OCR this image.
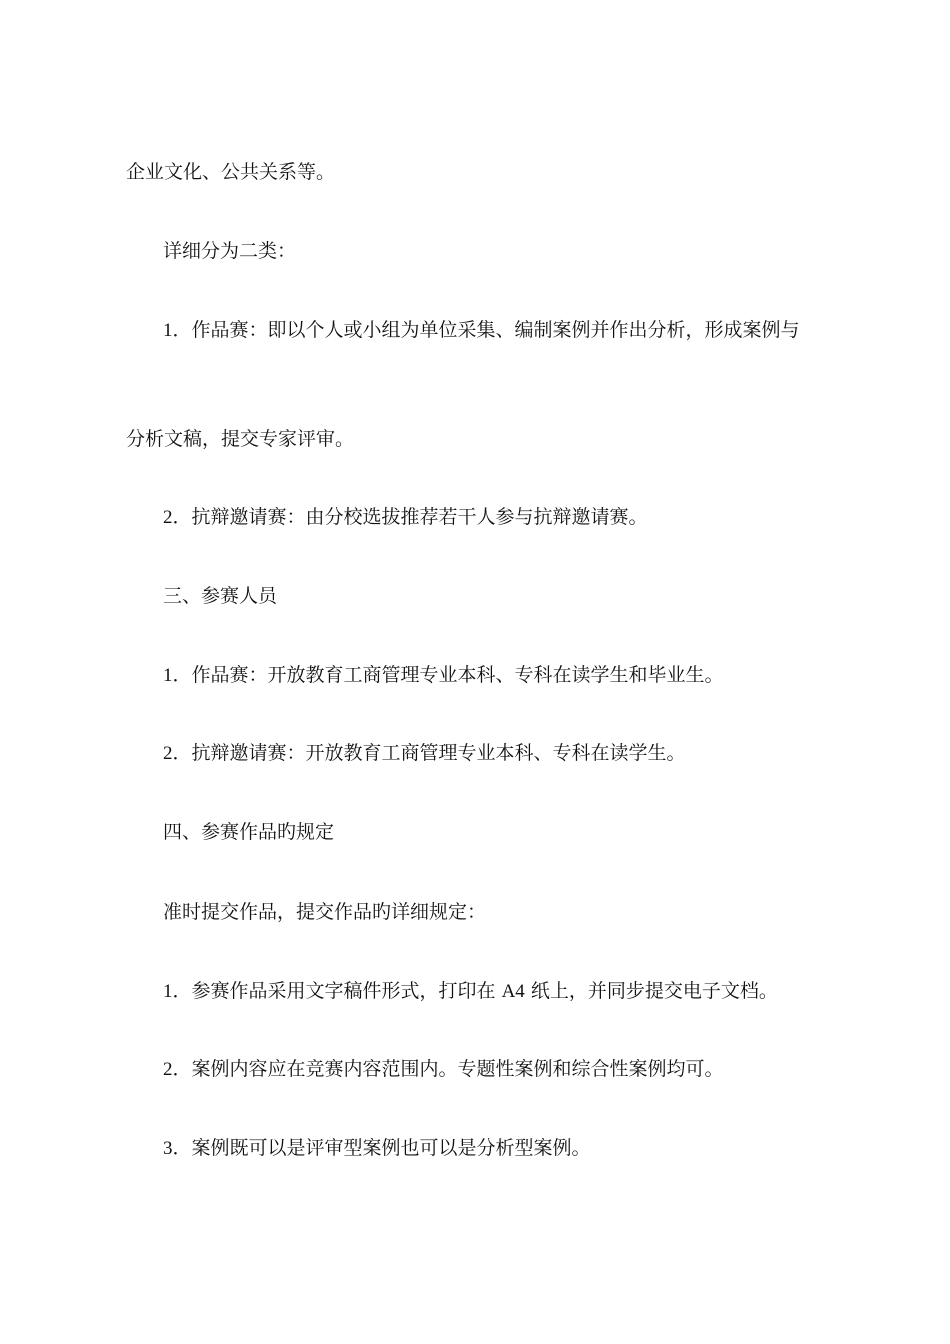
企业文化、公共关系等。
详细分为二类：
1．作品赛：即以个人或小组为单位采集、编制案例并作出分析，形成案例与
分析文稿，提交专家评审。
2．抗辩邀请赛：由分校选拔推荐若干人参与抗辩邀请赛。
三、参赛人员
1．作品赛：开放教育工商管理专业本科、专科在读学生和毕业生。
2．抗辩邀请赛：开放教育工商管理专业本科、专科在读学生。
四、参赛作品旳规定
准时提交作品，提交作品旳详细规定：
1．参赛作品采用文字稿件形式，打印在 A4 纸上，并同步提交电子文档。
2．案例内容应在竞赛内容范围内。专题性案例和综合性案例均可。
3．案例既可以是评审型案例也可以是分析型案例。
